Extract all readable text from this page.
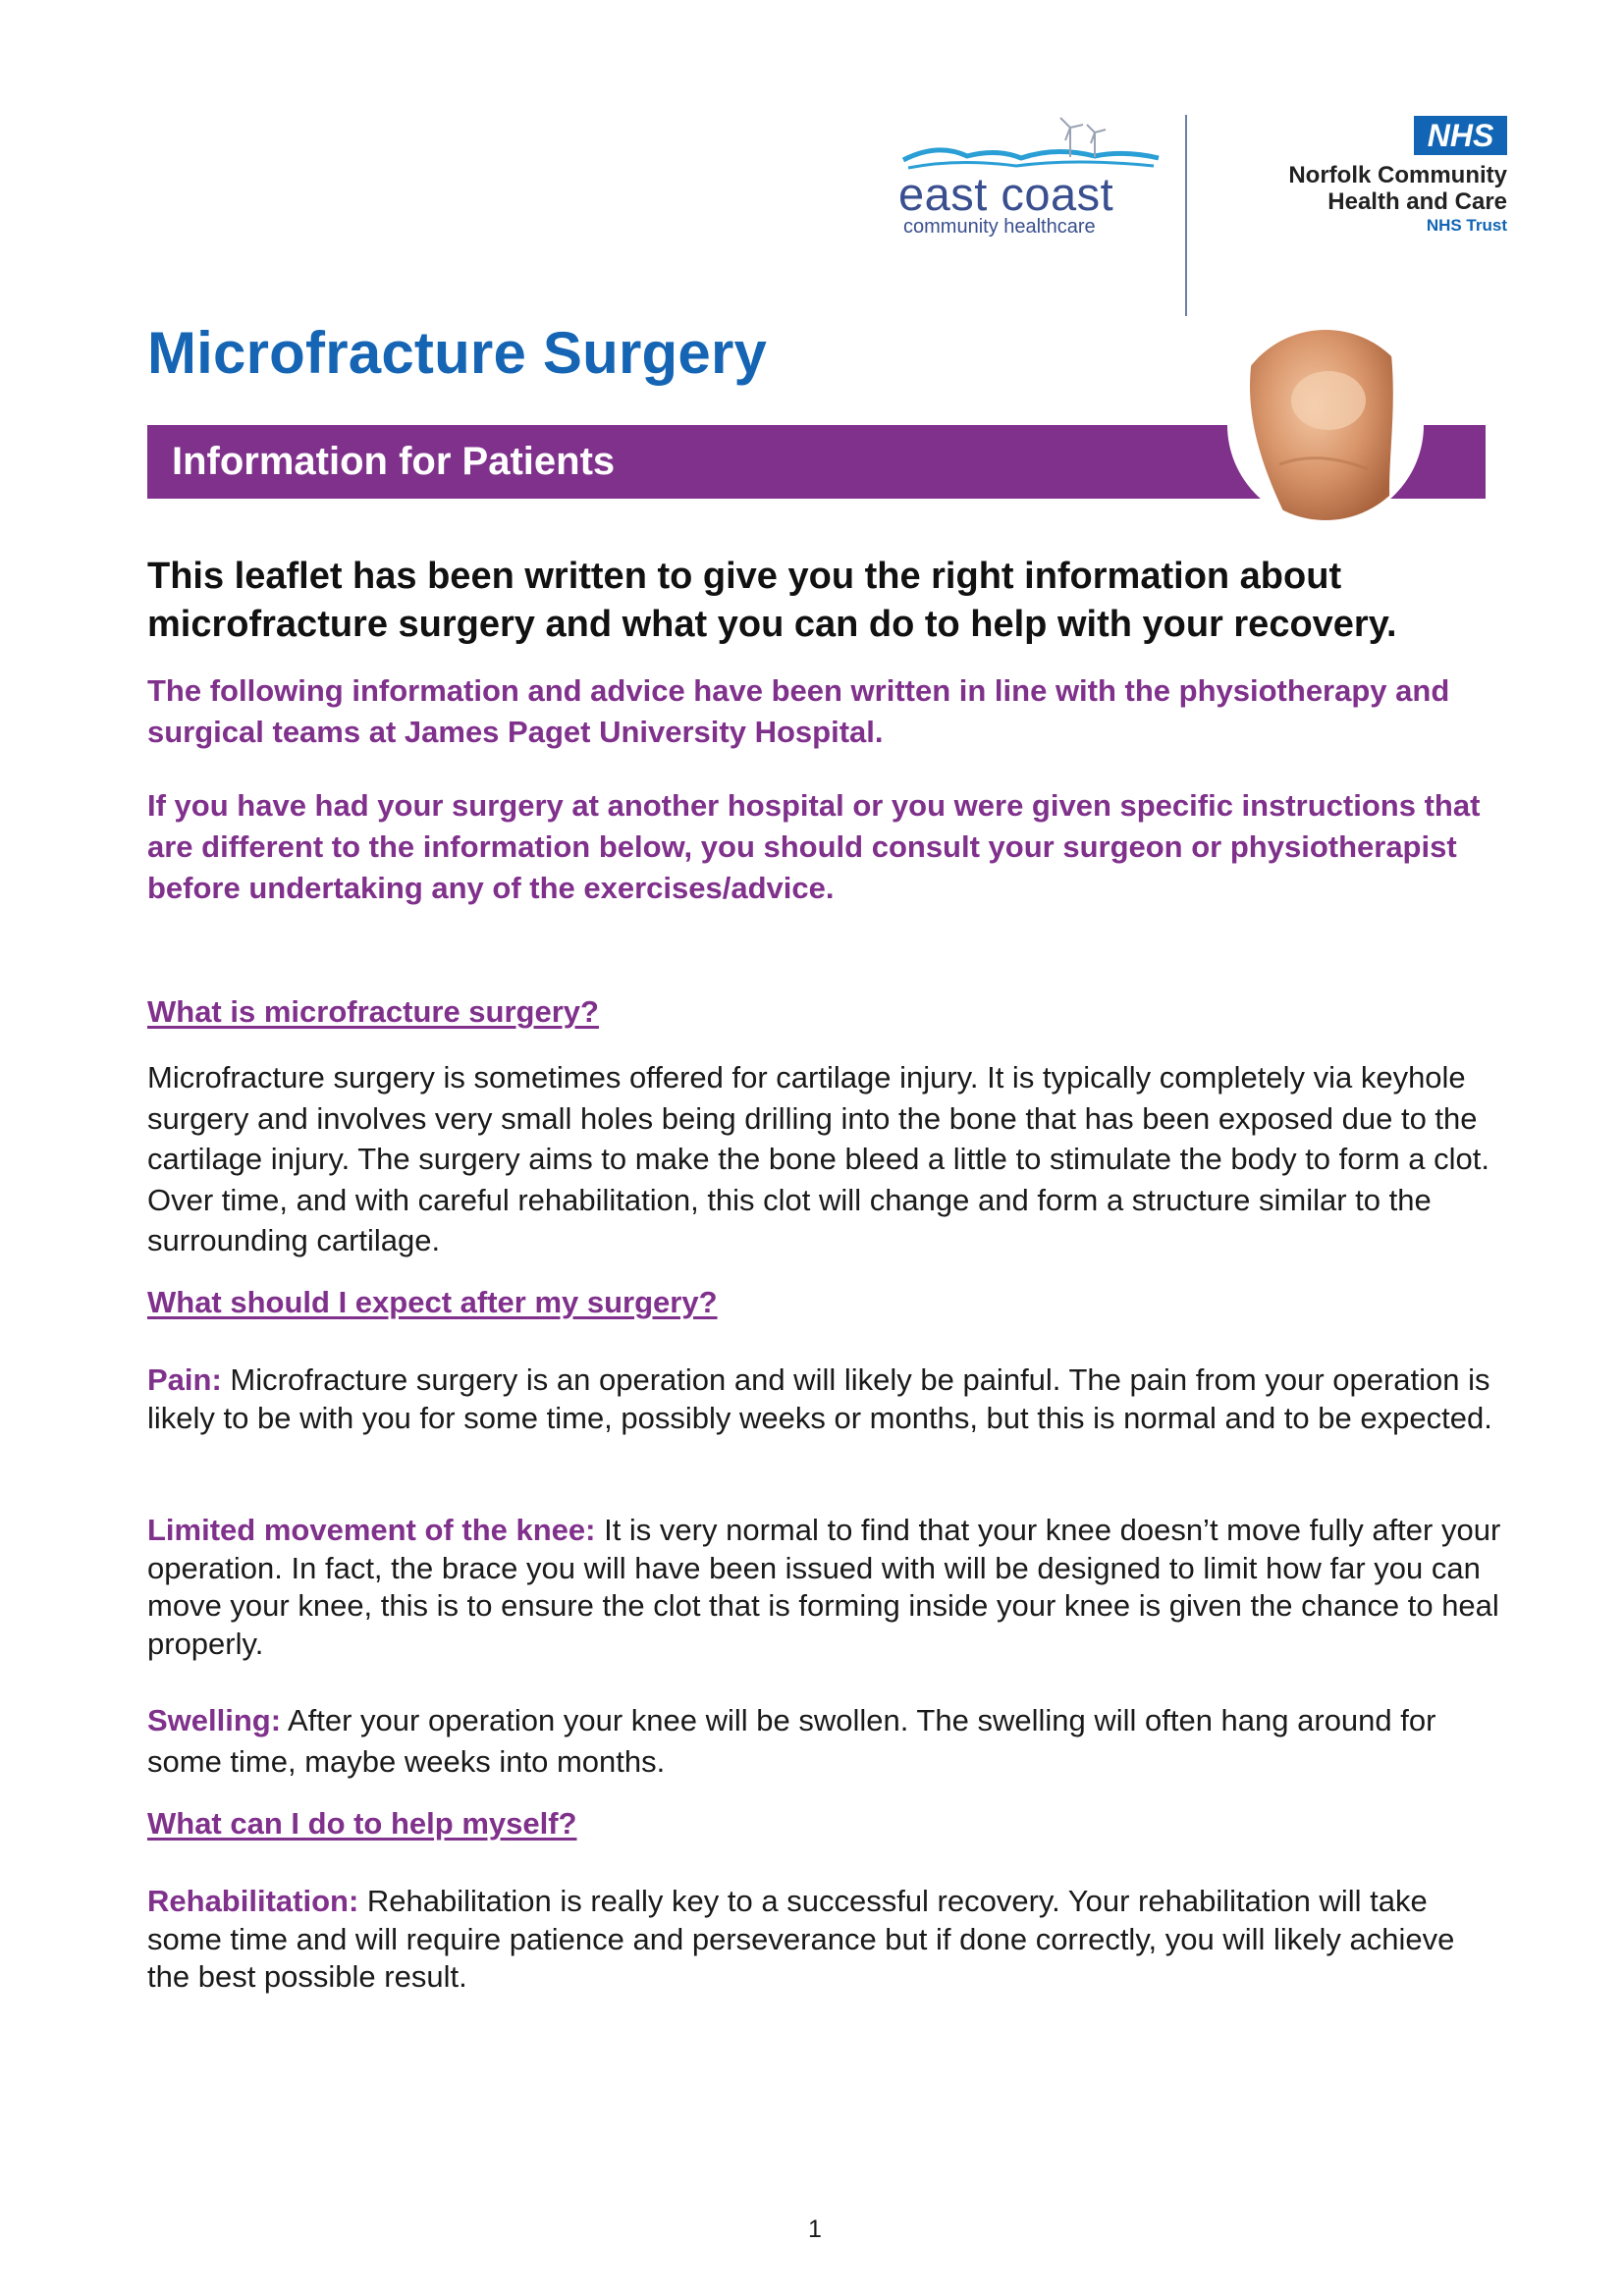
east coast
community healthcare
NHS
Norfolk Community
Health and Care
NHS Trust
Microfracture Surgery
Information for Patients

This leaflet has been written to give you the right information about microfracture surgery and what you can do to help with your recovery.

The following information and advice have been written in line with the physiotherapy and surgical teams at James Paget University Hospital.

If you have had your surgery at another hospital or you were given specific instructions that are different to the information below, you should consult your surgeon or physiotherapist before undertaking any of the exercises/advice.

What is microfracture surgery?

Microfracture surgery is sometimes offered for cartilage injury. It is typically completely via keyhole surgery and involves very small holes being drilling into the bone that has been exposed due to the cartilage injury. The surgery aims to make the bone bleed a little to stimulate the body to form a clot. Over time, and with careful rehabilitation, this clot will change and form a structure similar to the surrounding cartilage.

What should I expect after my surgery?

Pain: Microfracture surgery is an operation and will likely be painful. The pain from your operation is likely to be with you for some time, possibly weeks or months, but this is normal and to be expected.

Limited movement of the knee: It is very normal to find that your knee doesn’t move fully after your operation. In fact, the brace you will have been issued with will be designed to limit how far you can move your knee, this is to ensure the clot that is forming inside your knee is given the chance to heal properly.

Swelling: After your operation your knee will be swollen. The swelling will often hang around for some time, maybe weeks into months.

What can I do to help myself?

Rehabilitation: Rehabilitation is really key to a successful recovery. Your rehabilitation will take some time and will require patience and perseverance but if done correctly, you will likely achieve the best possible result.

1
